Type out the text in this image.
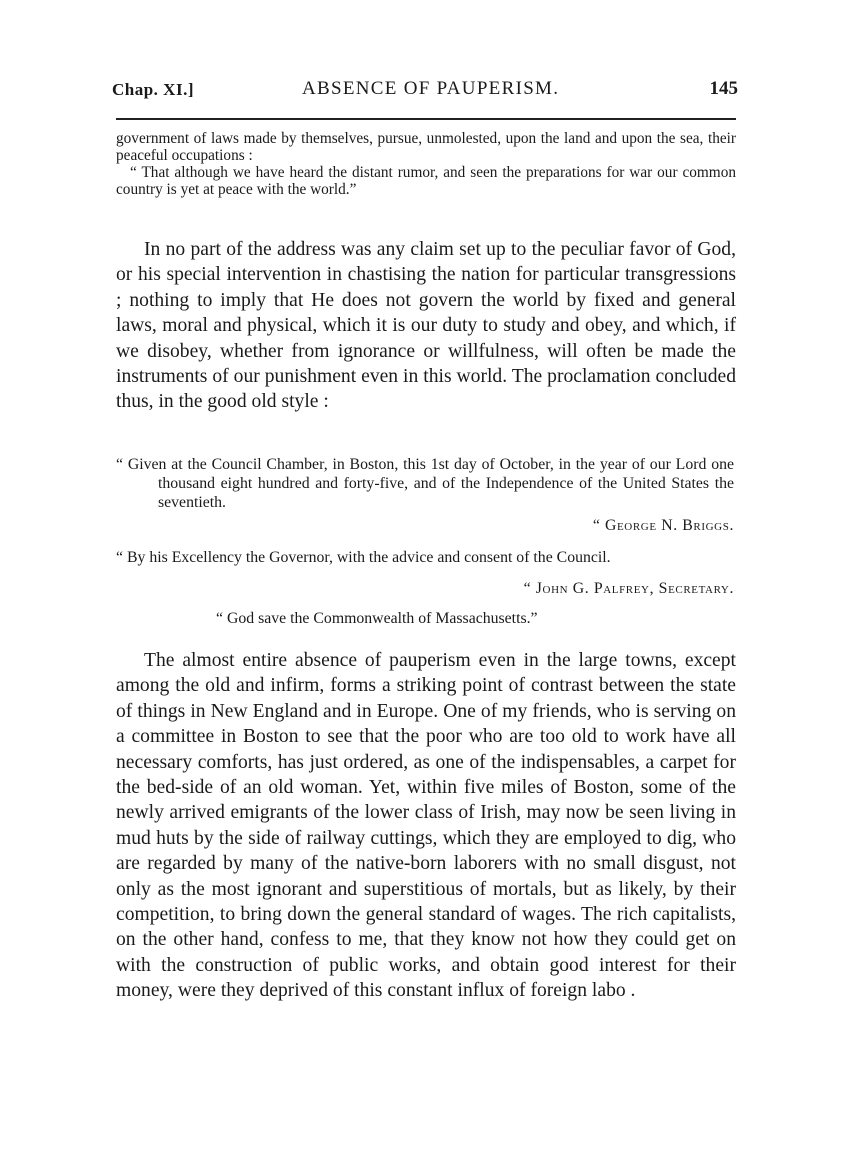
Chap. XI.]	ABSENCE OF PAUPERISM.	145

government of laws made by themselves, pursue, unmolested, upon the land and upon the sea, their peaceful occupations :

“ That although we have heard the distant rumor, and seen the preparations for war our common country is yet at peace with the world.”

In no part of the address was any claim set up to the peculiar favor of God, or his special intervention in chastising the nation for particular transgressions ; nothing to imply that He does not govern the world by fixed and general laws, moral and physical, which it is our duty to study and obey, and which, if we disobey, whether from ignorance or willfulness, will often be made the instruments of our punishment even in this world. The proclamation concluded thus, in the good old style :

“ Given at the Council Chamber, in Boston, this 1st day of October, in the year of our Lord one thousand eight hundred and forty-five, and of the Independence of the United States the seventieth.

“ George N. Briggs.

“ By his Excellency the Governor, with the advice and consent of the Council.

“ John G. Palfrey, Secretary.
“ God save the Commonwealth of Massachusetts.”

The almost entire absence of pauperism even in the large towns, except among the old and infirm, forms a striking point of contrast between the state of things in New England and in Europe. One of my friends, who is serving on a committee in Boston to see that the poor who are too old to work have all necessary comforts, has just ordered, as one of the indispensables, a carpet for the bed-side of an old woman. Yet, within five miles of Boston, some of the newly arrived emigrants of the lower class of Irish, may now be seen living in mud huts by the side of railway cuttings, which they are employed to dig, who are regarded by many of the native-born laborers with no small disgust, not only as the most ignorant and superstitious of mortals, but as likely, by their competition, to bring down the general standard of wages. The rich capitalists, on the other hand, confess to me, that they know not how they could get on with the construction of public works, and obtain good interest for their money, were they deprived of this constant influx of foreign labo .
